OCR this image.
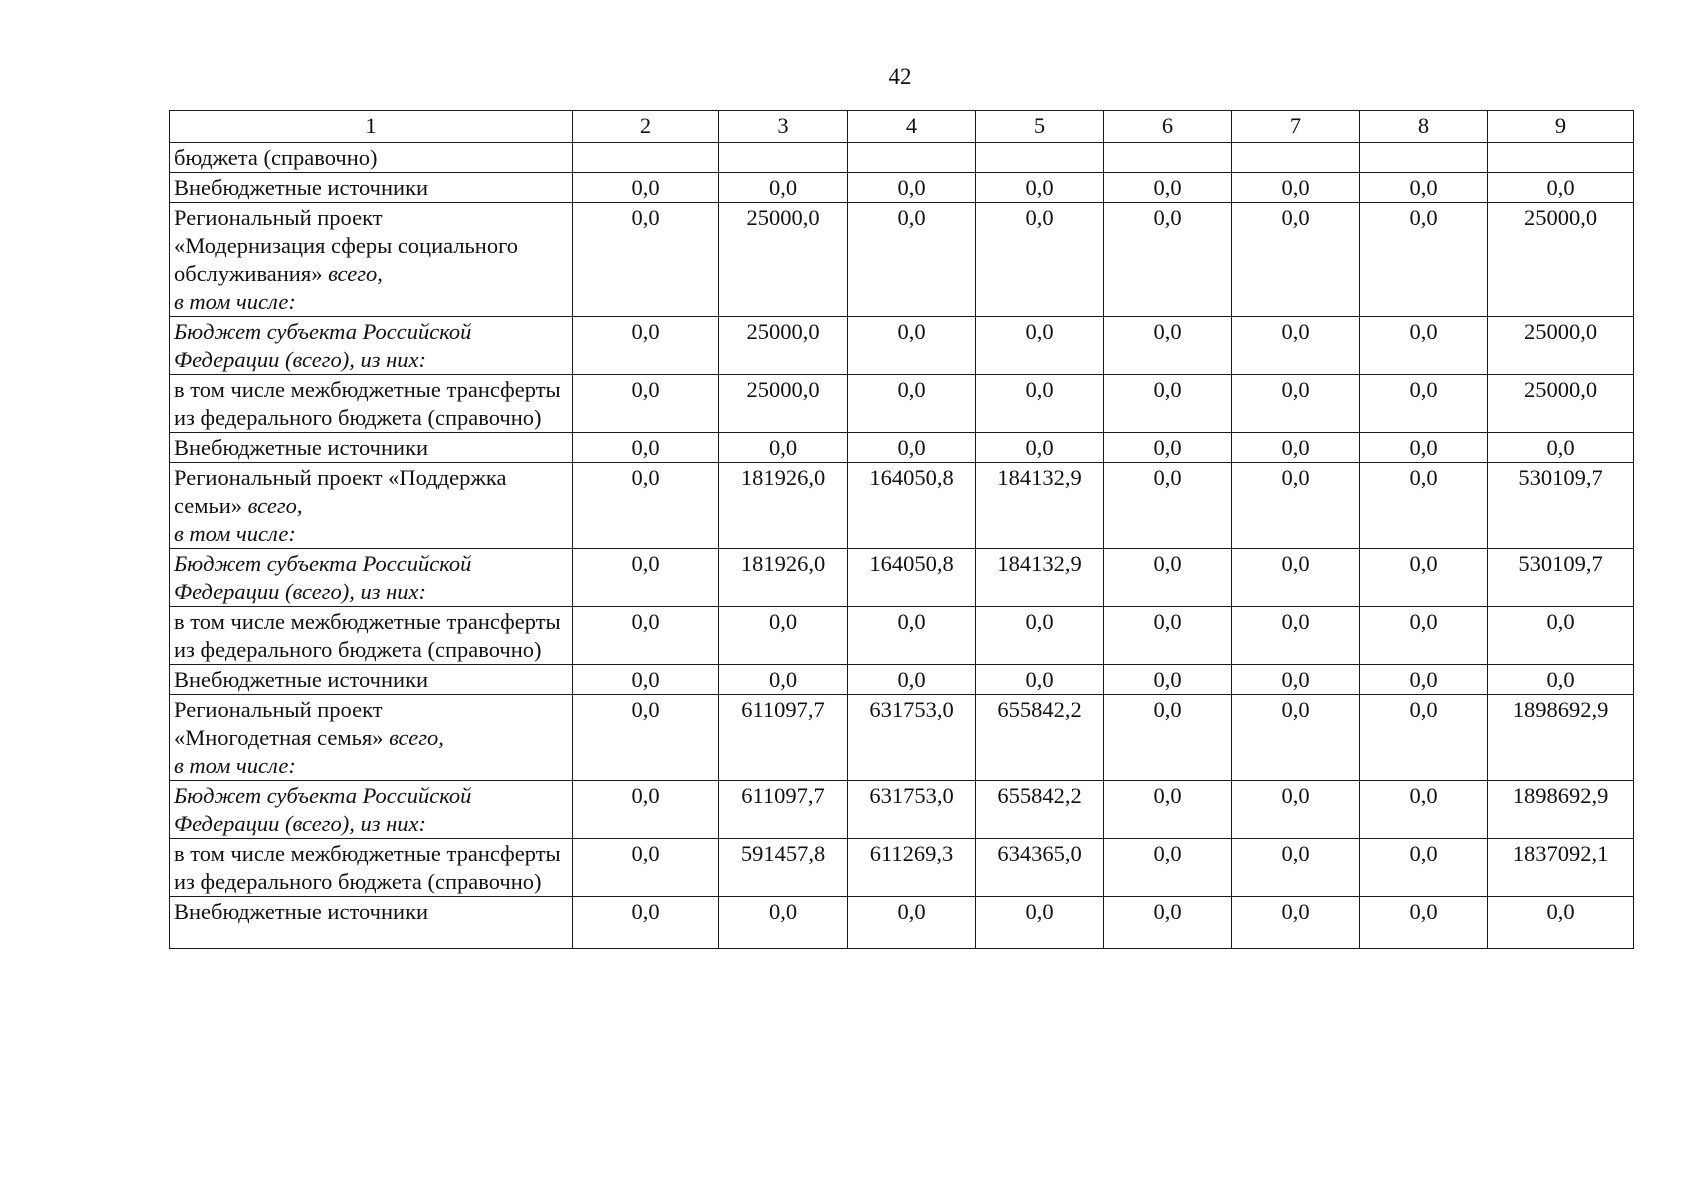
42
1	2	3	4	5	6	7	8	9
бюджета (справочно)								
Внебюджетные источники	0,0	0,0	0,0	0,0	0,0	0,0	0,0	0,0
Региональный проект
«Модернизация сферы социального обслуживания» всего,
в том числе:	0,0	25000,0	0,0	0,0	0,0	0,0	0,0	25000,0
Бюджет субъекта Российской Федерации (всего), из них:	0,0	25000,0	0,0	0,0	0,0	0,0	0,0	25000,0
в том числе межбюджетные трансферты из федерального бюджета (справочно)	0,0	25000,0	0,0	0,0	0,0	0,0	0,0	25000,0
Внебюджетные источники	0,0	0,0	0,0	0,0	0,0	0,0	0,0	0,0
Региональный проект «Поддержка семьи» всего,
в том числе:	0,0	181926,0	164050,8	184132,9	0,0	0,0	0,0	530109,7
Бюджет субъекта Российской Федерации (всего), из них:	0,0	181926,0	164050,8	184132,9	0,0	0,0	0,0	530109,7
в том числе межбюджетные трансферты из федерального бюджета (справочно)	0,0	0,0	0,0	0,0	0,0	0,0	0,0	0,0
Внебюджетные источники	0,0	0,0	0,0	0,0	0,0	0,0	0,0	0,0
Региональный проект
«Многодетная семья» всего,
в том числе:	0,0	611097,7	631753,0	655842,2	0,0	0,0	0,0	1898692,9
Бюджет субъекта Российской Федерации (всего), из них:	0,0	611097,7	631753,0	655842,2	0,0	0,0	0,0	1898692,9
в том числе межбюджетные трансферты из федерального бюджета (справочно)	0,0	591457,8	611269,3	634365,0	0,0	0,0	0,0	1837092,1
Внебюджетные источники	0,0	0,0	0,0	0,0	0,0	0,0	0,0	0,0
